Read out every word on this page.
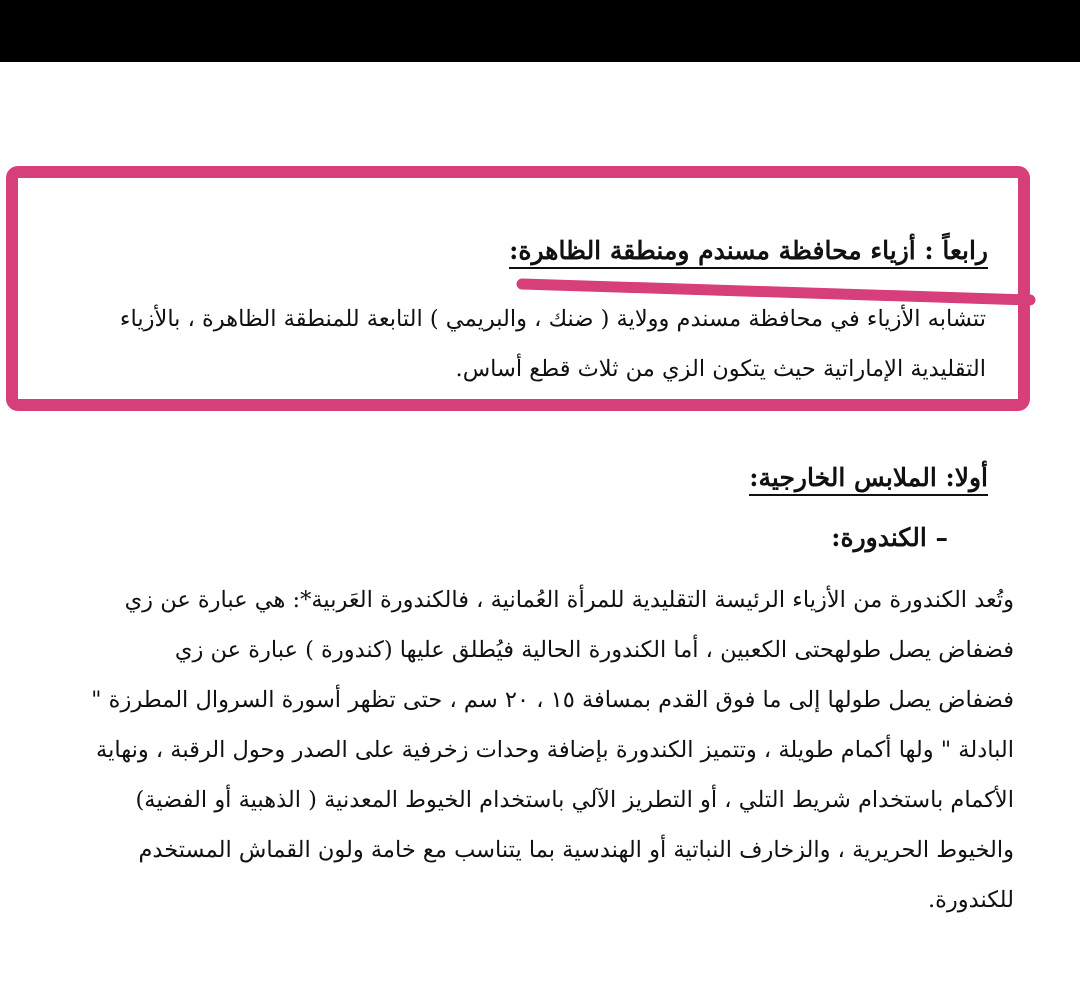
رابعاً : أزياء محافظة مسندم ومنطقة الظاهرة:

تتشابه الأزياء في محافظة مسندم وولاية ( ضنك ، والبريمي ) التابعة للمنطقة الظاهرة ، بالأزياء
التقليدية الإماراتية حيث يتكون الزي من ثلاث قطع أساس.

أولا: الملابس الخارجية:

– الكندورة:

وتُعد الكندورة من الأزياء الرئيسة التقليدية للمرأة العُمانية ، فالكندورة العَربية*: هي عبارة عن زي
فضفاض يصل طولهحتى الكعبين ، أما الكندورة الحالية فيُطلق عليها (كندورة ) عبارة عن زي
فضفاض يصل طولها إلى ما فوق القدم بمسافة ١٥ ، ٢٠ سم ، حتى تظهر أسورة السروال المطرزة "
البادلة " ولها أكمام طويلة ، وتتميز الكندورة بإضافة وحدات زخرفية على الصدر وحول الرقبة ، ونهاية
الأكمام باستخدام شريط التلي ، أو التطريز الآلي باستخدام الخيوط المعدنية ( الذهبية أو الفضية)
والخيوط الحريرية ، والزخارف النباتية أو الهندسية بما يتناسب مع خامة ولون القماش المستخدم
للكندورة.
